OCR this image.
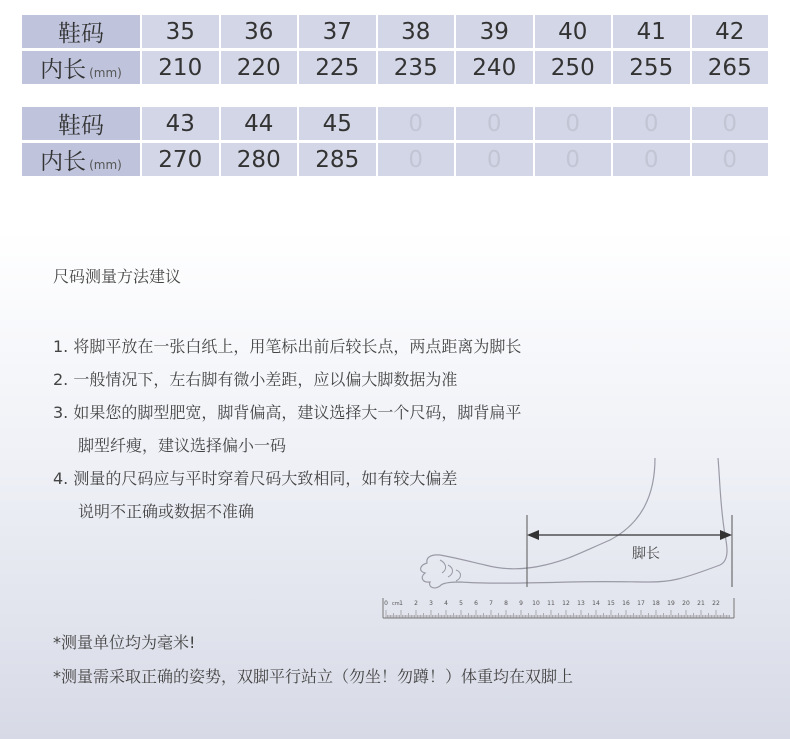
鞋码	35	36	37	38	39	40	41	42
内长 (mm)	210	220	225	235	240	250	255	265
鞋码	43	44	45	0	0	0	0	0
内长 (mm)	270	280	285	0	0	0	0	0
尺码测量方法建议
1. 将脚平放在一张白纸上，用笔标出前后较长点，两点距离为脚长
2. 一般情况下，左右脚有微小差距，应以偏大脚数据为准
3. 如果您的脚型肥宽，脚背偏高，建议选择大一个尺码，脚背扁平
脚型纤瘦，建议选择偏小一码
4. 测量的尺码应与平时穿着尺码大致相同，如有较大偏差
说明不正确或数据不准确
脚长
0 cm 1 2 3 4 5 6 7 8 9 10 11 12 13 14 15 16 17 18 19 20 21 22
*测量单位均为毫米!
*测量需采取正确的姿势，双脚平行站立（勿坐！勿蹲！）体重均在双脚上
